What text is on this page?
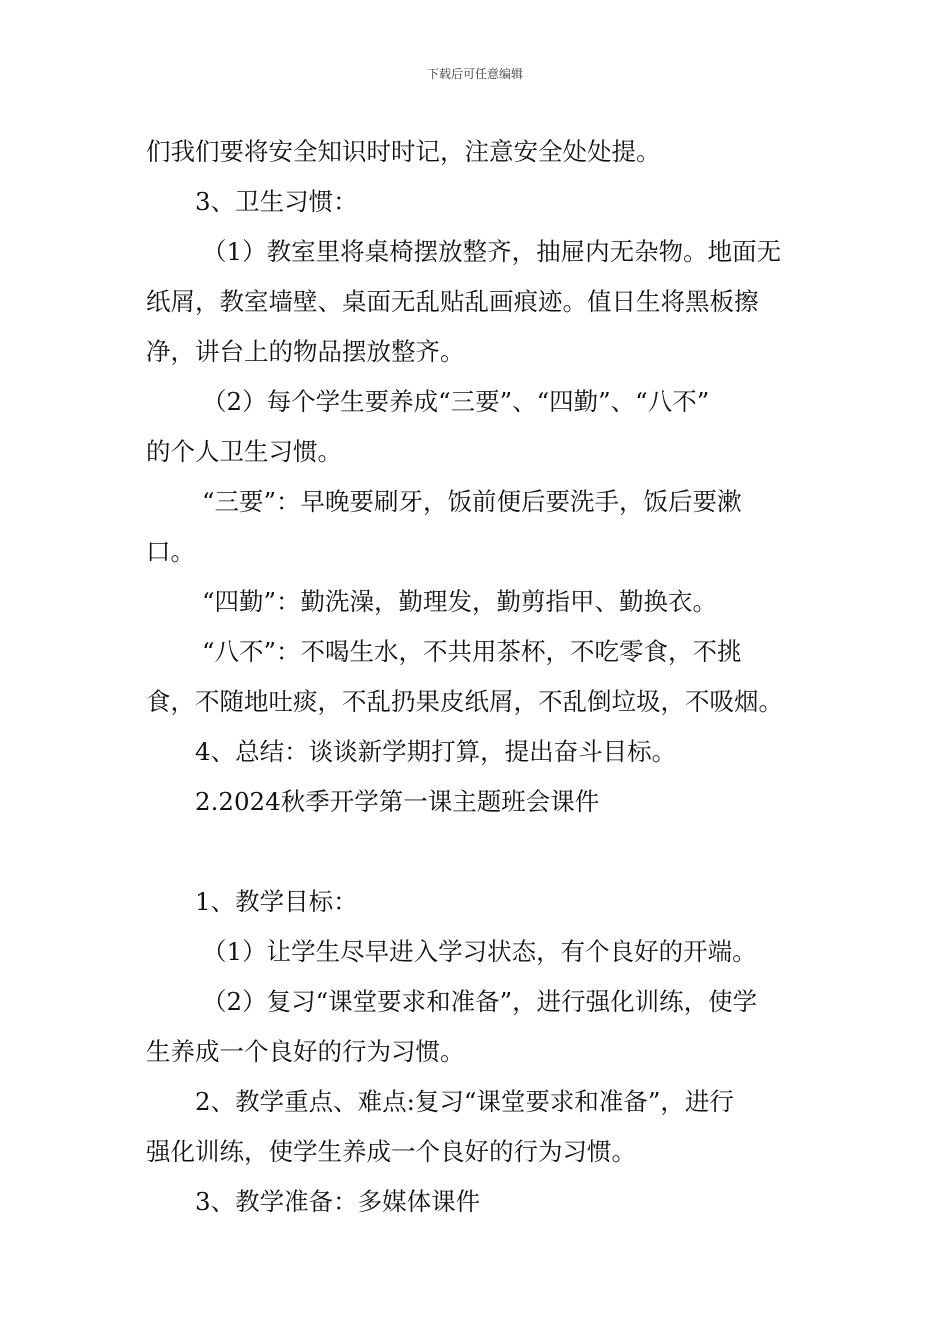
下载后可任意编辑
们我们要将安全知识时时记，注意安全处处提。
3、卫生习惯：
（1）教室里将桌椅摆放整齐，抽屉内无杂物。地面无
纸屑，教室墙壁、桌面无乱贴乱画痕迹。值日生将黑板擦
净，讲台上的物品摆放整齐。
（2）每个学生要养成“三要”、“四勤”、“八不”
的个人卫生习惯。
“三要”：早晚要刷牙，饭前便后要洗手，饭后要漱
口。
“四勤”：勤洗澡，勤理发，勤剪指甲、勤换衣。
“八不”：不喝生水，不共用茶杯，不吃零食，不挑
食，不随地吐痰，不乱扔果皮纸屑，不乱倒垃圾，不吸烟。
4、总结：谈谈新学期打算，提出奋斗目标。
2.2024秋季开学第一课主题班会课件
1、教学目标：
（1）让学生尽早进入学习状态，有个良好的开端。
（2）复习“课堂要求和准备”，进行强化训练，使学
生养成一个良好的行为习惯。
2、教学重点、难点:复习“课堂要求和准备”，进行
强化训练，使学生养成一个良好的行为习惯。
3、教学准备：多媒体课件
